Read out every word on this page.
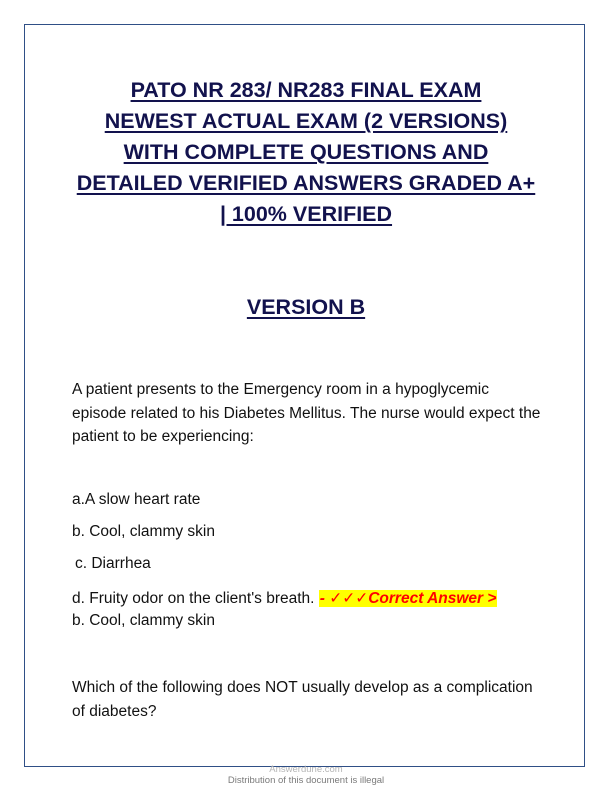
PATO NR 283/ NR283 FINAL EXAM
NEWEST ACTUAL EXAM (2 VERSIONS)
WITH COMPLETE QUESTIONS AND
DETAILED VERIFIED ANSWERS GRADED A+
| 100% VERIFIED
VERSION B
A patient presents to the Emergency room in a hypoglycemic episode related to his Diabetes Mellitus. The nurse would expect the patient to be experiencing:
a.A slow heart rate
b. Cool, clammy skin
c. Diarrhea
d. Fruity odor on the client's breath. - ✓✓✓Correct Answer >
b. Cool, clammy skin
Which of the following does NOT usually develop as a complication of diabetes?
Answerdune.com
Distribution of this document is illegal
